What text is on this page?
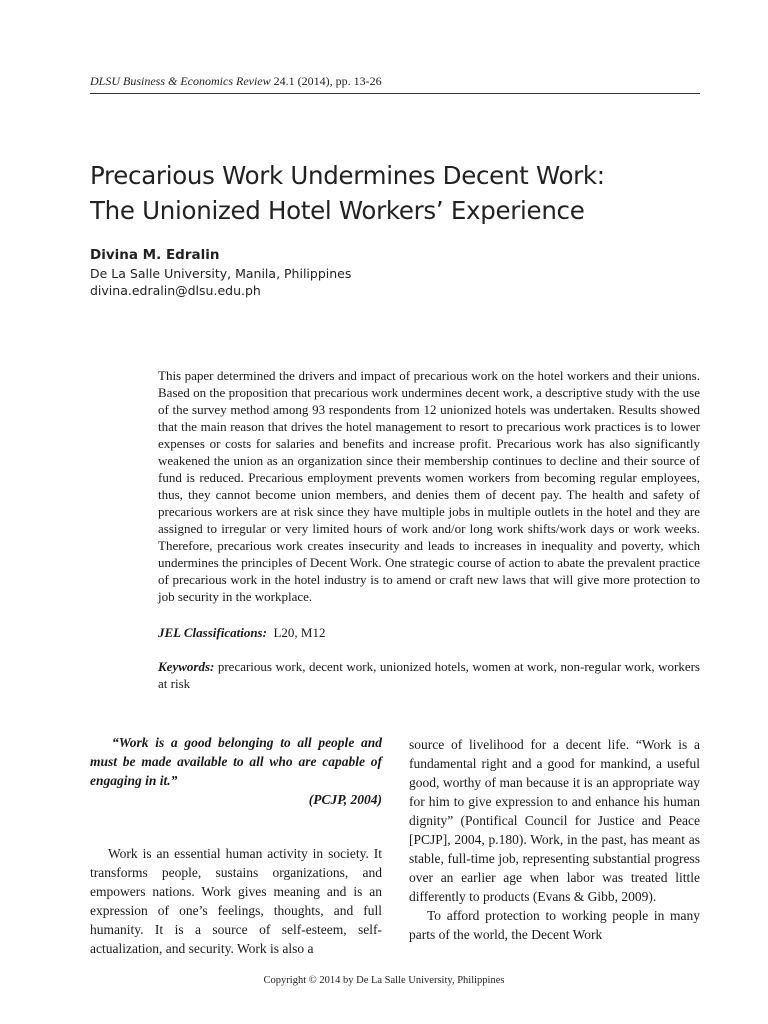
DLSU Business & Economics Review 24.1 (2014), pp. 13-26
Precarious Work Undermines Decent Work:
The Unionized Hotel Workers’ Experience
Divina M. Edralin
De La Salle University, Manila, Philippines
divina.edralin@dlsu.edu.ph
This paper determined the drivers and impact of precarious work on the hotel workers and their unions. Based on the proposition that precarious work undermines decent work, a descriptive study with the use of the survey method among 93 respondents from 12 unionized hotels was undertaken. Results showed that the main reason that drives the hotel management to resort to precarious work practices is to lower expenses or costs for salaries and benefits and increase profit. Precarious work has also significantly weakened the union as an organization since their membership continues to decline and their source of fund is reduced. Precarious employment prevents women workers from becoming regular employees, thus, they cannot become union members, and denies them of decent pay. The health and safety of precarious workers are at risk since they have multiple jobs in multiple outlets in the hotel and they are assigned to irregular or very limited hours of work and/or long work shifts/work days or work weeks. Therefore, precarious work creates insecurity and leads to increases in inequality and poverty, which undermines the principles of Decent Work. One strategic course of action to abate the prevalent practice of precarious work in the hotel industry is to amend or craft new laws that will give more protection to job security in the workplace.
JEL Classifications: L20, M12
Keywords: precarious work, decent work, unionized hotels, women at work, non-regular work, workers at risk
“Work is a good belonging to all people and must be made available to all who are capable of engaging in it.”
(PCJP, 2004)

Work is an essential human activity in society. It transforms people, sustains organizations, and empowers nations. Work gives meaning and is an expression of one’s feelings, thoughts, and full humanity. It is a source of self-esteem, self-actualization, and security. Work is also a

source of livelihood for a decent life. “Work is a fundamental right and a good for mankind, a useful good, worthy of man because it is an appropriate way for him to give expression to and enhance his human dignity” (Pontifical Council for Justice and Peace [PCJP], 2004, p.180). Work, in the past, has meant as stable, full-time job, representing substantial progress over an earlier age when labor was treated little differently to products (Evans & Gibb, 2009).

To afford protection to working people in many parts of the world, the Decent Work

Copyright © 2014 by De La Salle University, Philippines
